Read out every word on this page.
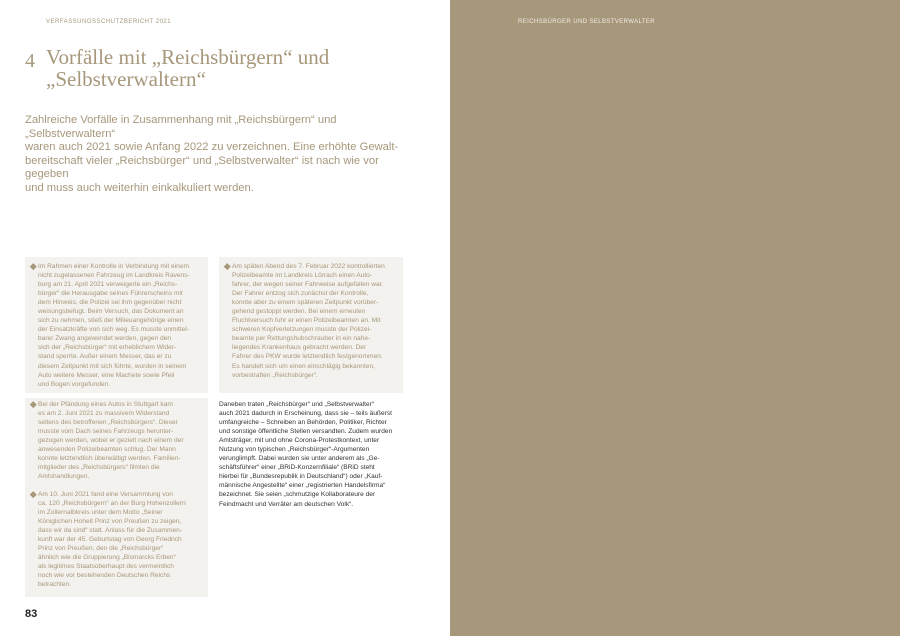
VERFASSUNGSSCHUTZBERICHT 2021	REICHSBÜRGER UND SELBSTVERWALTER
4 Vorfälle mit „Reichsbürgern“ und
„Selbstverwaltern“

Zahlreiche Vorfälle in Zusammenhang mit „Reichsbürgern“ und „Selbstverwaltern“
waren auch 2021 sowie Anfang 2022 zu verzeichnen. Eine erhöhte Gewalt-
bereitschaft vieler „Reichsbürger“ und „Selbstverwalter“ ist nach wie vor gegeben
und muss auch weiterhin einkalkuliert werden.

Im Rahmen einer Kontrolle in Verbindung mit einem
nicht zugelassenen Fahrzeug im Landkreis Ravens-
burg am 21. April 2021 verweigerte ein „Reichs-
bürger“ die Herausgabe seines Führerscheins mit
dem Hinweis, die Polizei sei ihm gegenüber nicht
weisungsbefugt. Beim Versuch, das Dokument an
sich zu nehmen, stieß der Milieuangehörige einen
der Einsatzkräfte von sich weg. Es musste unmittel-
barer Zwang angewendet werden, gegen den
sich der „Reichsbürger“ mit erheblichem Wider-
stand sperrte. Außer einem Messer, das er zu
diesem Zeitpunkt mit sich führte, wurden in seinem
Auto weitere Messer, eine Machete sowie Pfeil
und Bogen vorgefunden.

Bei der Pfändung eines Autos in Stuttgart kam
es am 2. Juni 2021 zu massivem Widerstand
seitens des betroffenen „Reichsbürgers“. Dieser
musste vom Dach seines Fahrzeugs herunter-
gezogen werden, wobei er gezielt nach einem der
anwesenden Polizeibeamten schlug. Der Mann
konnte letztendlich überwältigt werden. Familien-
mitglieder des „Reichsbürgers“ filmten die
Amtshandlungen.

Am 10. Juni 2021 fand eine Versammlung von
ca. 120 „Reichsbürgern“ an der Burg Hohenzollern
im Zollernalbkreis unter dem Motto „Seiner
Königlichen Hoheit Prinz von Preußen zu zeigen,
dass wir da sind“ statt. Anlass für die Zusammen-
kunft war der 45. Geburtstag von Georg Friedrich
Prinz von Preußen, den die „Reichsbürger“
ähnlich wie die Gruppierung „Bismarcks Erben“
als legitimes Staatsoberhaupt des vermeintlich
noch wie vor bestehenden Deutschen Reichs
betrachten.

Am späten Abend des 7. Februar 2022 kontrollierten
Polizeibeamte im Landkreis Lörrach einen Auto-
fahrer, der wegen seiner Fahrweise aufgefallen war.
Der Fahrer entzog sich zunächst der Kontrolle,
konnte aber zu einem späteren Zeitpunkt vorüber-
gehend gestoppt werden. Bei einem erneuten
Fluchtversuch fuhr er einen Polizeibeamten an. Mit
schweren Kopfverletzungen musste der Polizei-
beamte per Rettungshubschrauber in ein nahe-
liegendes Krankenhaus gebracht werden. Der
Fahrer des PKW wurde letztendlich festgenommen.
Es handelt sich um einen einschlägig bekannten,
vorbestraften „Reichsbürger“.

Daneben traten „Reichsbürger“ und „Selbstverwalter“
auch 2021 dadurch in Erscheinung, dass sie – teils äußerst
umfangreiche – Schreiben an Behörden, Politiker, Richter
und sonstige öffentliche Stellen versandten. Zudem wurden
Amtsträger, mit und ohne Corona-Protestkontext, unter
Nutzung von typischen „Reichsbürger“-Argumenten
verunglimpft. Dabei wurden sie unter anderem als „Ge-
schäftsführer“ einer „BRiD-Konzernfiliale“ (BRiD steht
hierbei für „Bundesrepublik in Deutschland“) oder „Kauf-
männische Angestellte“ einer „registrierten Handelsfirma“
bezeichnet. Sie seien „schmutzige Kollaborateure der
Feindmacht und Verräter am deutschen Volk“.

83
